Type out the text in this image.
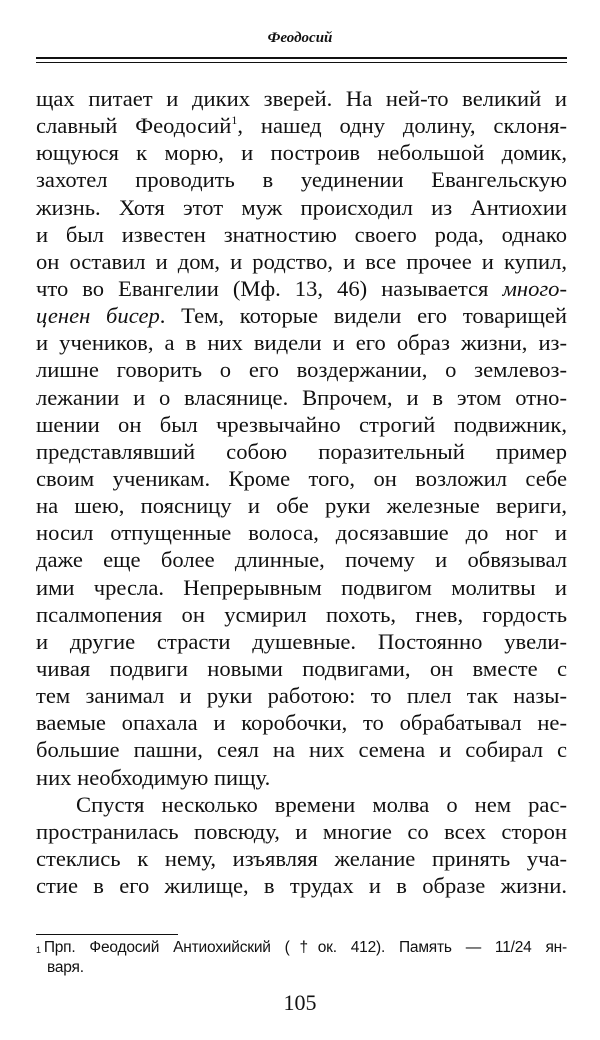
Феодосий
щах питает и диких зверей. На ней-то великий и
славный Феодосий$^1$, нашед одну долину, склоня-
ющуюся к морю, и построив небольшой домик,
захотел проводить в уединении Евангельскую
жизнь. Хотя этот муж происходил из Антиохии
и был известен знатностию своего рода, однако
он оставил и дом, и родство, и все прочее и купил,
что во Евангелии (Мф. 13, 46) называется много-
ценен бисер. Тем, которые видели его товарищей
и учеников, а в них видели и его образ жизни, из-
лишне говорить о его воздержании, о землевоз-
лежании и о власянице. Впрочем, и в этом отно-
шении он был чрезвычайно строгий подвижник,
представлявший собою поразительный пример
своим ученикам. Кроме того, он возложил себе
на шею, поясницу и обе руки железные вериги,
носил отпущенные волоса, досязавшие до ног и
даже еще более длинные, почему и обвязывал
ими чресла. Непрерывным подвигом молитвы и
псалмопения он усмирил похоть, гнев, гордость
и другие страсти душевные. Постоянно увели-
чивая подвиги новыми подвигами, он вместе с
тем занимал и руки работою: то плел так назы-
ваемые опахала и коробочки, то обрабатывал не-
большие пашни, сеял на них семена и собирал с
них необходимую пищу.
Спустя несколько времени молва о нем рас-
пространилась повсюду, и многие со всех сторон
стеклись к нему, изъявляя желание принять уча-
стие в его жилище, в трудах и в образе жизни.
$^1$ Прп. Феодосий Антиохийский (†ок. 412). Память — 11/24 ян-
варя.
105
